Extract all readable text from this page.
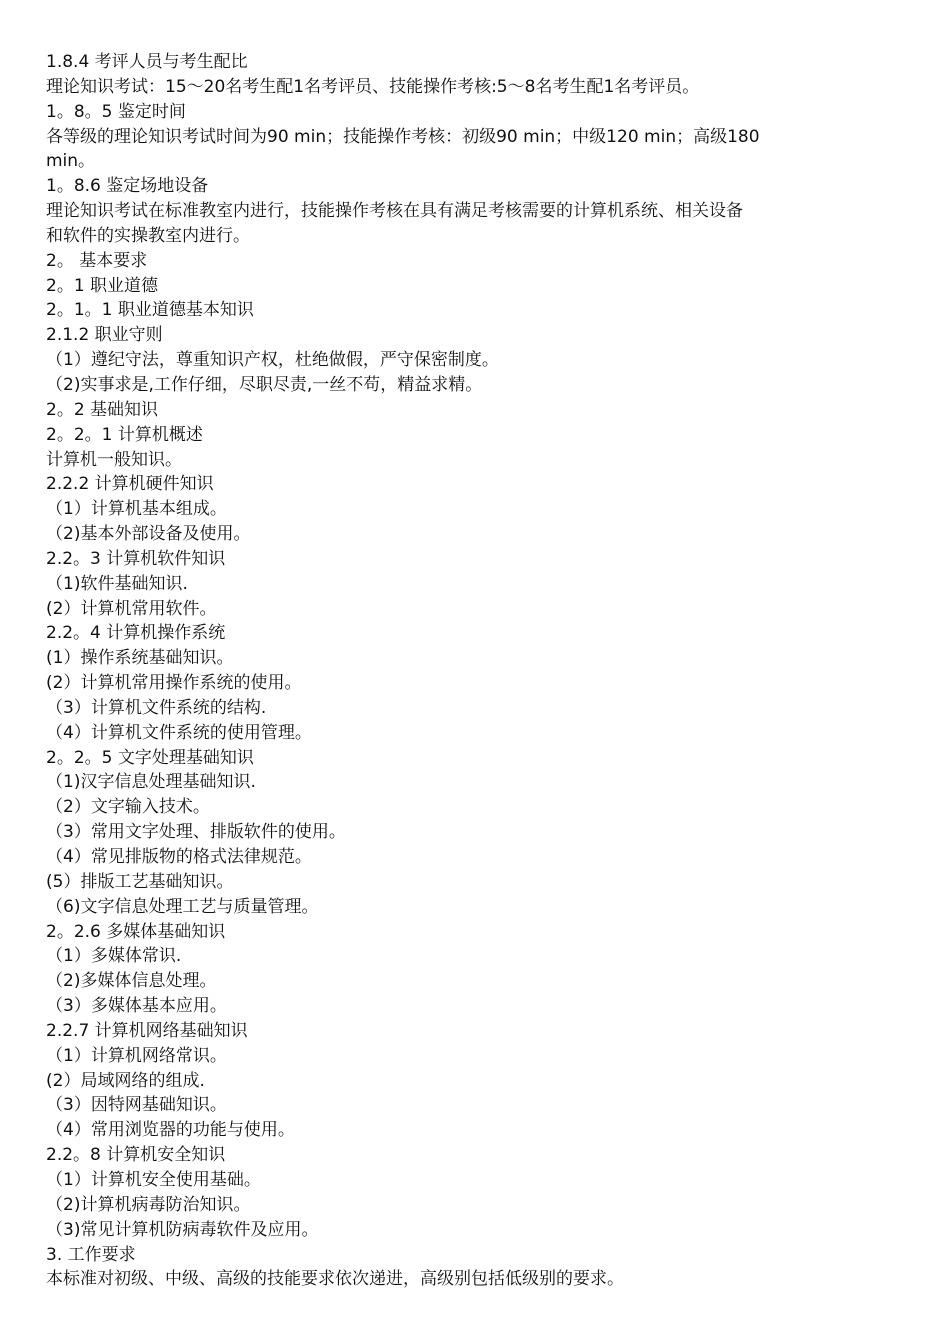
1.8.4 考评人员与考生配比
理论知识考试：15～20名考生配1名考评员、技能操作考核:5～8名考生配1名考评员。
1。8。5 鉴定时间
各等级的理论知识考试时间为90 min；技能操作考核：初级90 min；中级120 min；高级180
min。
1。8.6 鉴定场地设备
理论知识考试在标准教室内进行，技能操作考核在具有满足考核需要的计算机系统、相关设备
和软件的实操教室内进行。
2。 基本要求
2。1 职业道德
2。1。1 职业道德基本知识
2.1.2 职业守则
（1）遵纪守法，尊重知识产权，杜绝做假，严守保密制度。
（2)实事求是,工作仔细，尽职尽责,一丝不苟，精益求精。
2。2 基础知识
2。2。1 计算机概述
计算机一般知识。
2.2.2 计算机硬件知识
（1）计算机基本组成。
（2)基本外部设备及使用。
2.2。3 计算机软件知识
（1)软件基础知识.
(2）计算机常用软件。
2.2。4 计算机操作系统
(1）操作系统基础知识。
(2）计算机常用操作系统的使用。
（3）计算机文件系统的结构.
（4）计算机文件系统的使用管理。
2。2。5 文字处理基础知识
（1)汉字信息处理基础知识.
（2）文字输入技术。
（3）常用文字处理、排版软件的使用。
（4）常见排版物的格式法律规范。
(5）排版工艺基础知识。
（6)文字信息处理工艺与质量管理。
2。2.6 多媒体基础知识
（1）多媒体常识.
（2)多媒体信息处理。
（3）多媒体基本应用。
2.2.7 计算机网络基础知识
（1）计算机网络常识。
(2）局域网络的组成.
（3）因特网基础知识。
（4）常用浏览器的功能与使用。
2.2。8 计算机安全知识
（1）计算机安全使用基础。
（2)计算机病毒防治知识。
（3)常见计算机防病毒软件及应用。
3. 工作要求
本标准对初级、中级、高级的技能要求依次递进，高级别包括低级别的要求。
